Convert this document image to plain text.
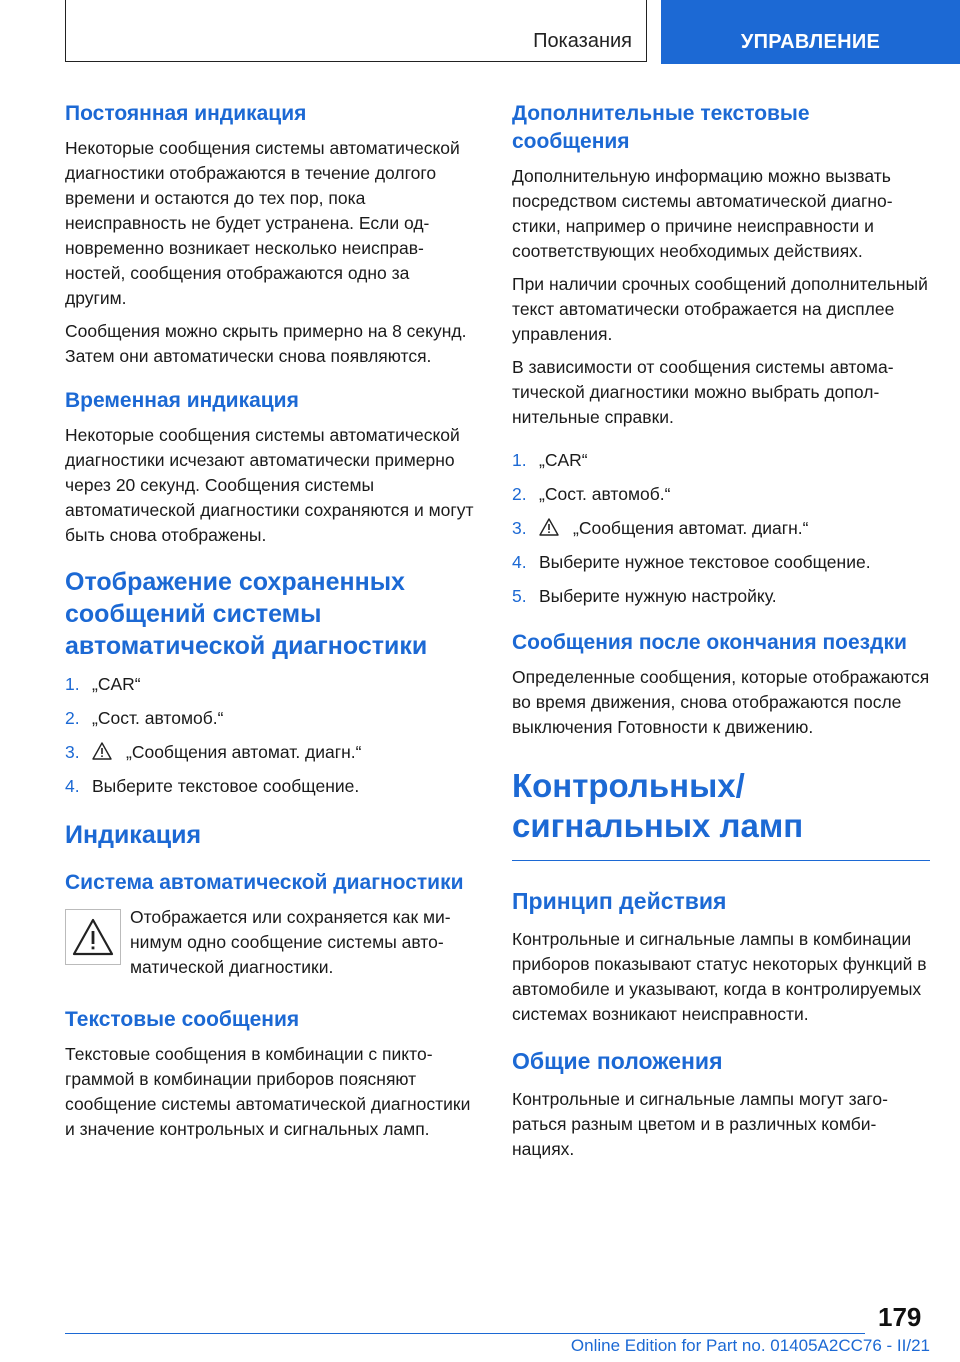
Показания	УПРАВЛЕНИЕ
Постоянная индикация

Некоторые сообщения системы автоматической диагностики отображаются в течение долгого времени и остаются до тех пор, пока неисправность не будет устранена. Если одновременно возникает несколько неисправностей, сообщения отображаются одно за другим.

Сообщения можно скрыть примерно на 8 секунд. Затем они автоматически снова появляются.

Временная индикация

Некоторые сообщения системы автоматической диагностики исчезают автоматически примерно через 20 секунд. Сообщения системы автоматической диагностики сохраняются и могут быть снова отображены.

Отображение сохраненных сообщений системы автоматической диагностики
1. „CAR“
2. „Сост. автомоб.“
3.	„Сообщения автомат. диагн.“
4. Выберите текстовое сообщение.
Индикация
Система автоматической диагностики

Отображается или сохраняется как минимум одно сообщение системы автоматической диагностики.

Текстовые сообщения

Текстовые сообщения в комбинации с пиктограммой в комбинации приборов поясняют сообщение системы автоматической диагностики и значение контрольных и сигнальных ламп.

Дополнительные текстовые сообщения

Дополнительную информацию можно вызвать посредством системы автоматической диагностики, например о причине неисправности и соответствующих необходимых действиях.

При наличии срочных сообщений дополнительный текст автоматически отображается на дисплее управления.

В зависимости от сообщения системы автоматической диагностики можно выбрать дополнительные справки.

1. „CAR“
2. „Сост. автомоб.“
3.	„Сообщения автомат. диагн.“
4. Выберите нужное текстовое сообщение.
5. Выберите нужную настройку.
Сообщения после окончания поездки

Определенные сообщения, которые отображаются во время движения, снова отображаются после выключения Готовности к движению.

Контрольных/сигнальных ламп
Принцип действия

Контрольные и сигнальные лампы в комбинации приборов показывают статус некоторых функций в автомобиле и указывают, когда в контролируемых системах возникают неисправности.

Общие положения

Контрольные и сигнальные лампы могут загораться разным цветом и в различных комбинациях.

179
Online Edition for Part no. 01405A2CC76 - II/21
